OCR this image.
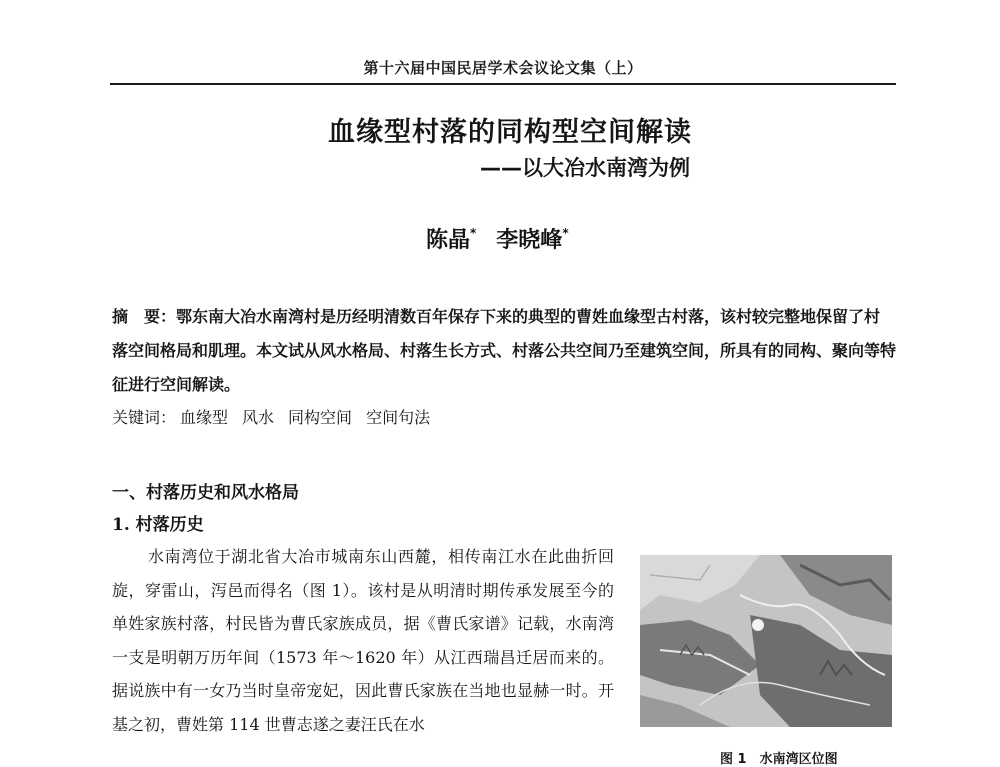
第十六届中国民居学术会议论文集（上）
血缘型村落的同构型空间解读
——以大冶水南湾为例
陈晶* 李晓峰*
摘　要：鄂东南大冶水南湾村是历经明清数百年保存下来的典型的曹姓血缘型古村落，该村较完整地保留了村落空间格局和肌理。本文试从风水格局、村落生长方式、村落公共空间乃至建筑空间，所具有的同构、聚向等特征进行空间解读。
关键词： 血缘型 风水 同构空间 空间句法
一、村落历史和风水格局
1. 村落历史
水南湾位于湖北省大冶市城南东山西麓，相传南江水在此曲折回旋，穿雷山，泻邑而得名（图 1）。该村是从明清时期传承发展至今的单姓家族村落，村民皆为曹氏家族成员，据《曹氏家谱》记载，水南湾一支是明朝万历年间（1573 年～1620 年）从江西瑞昌迁居而来的。据说族中有一女乃当时皇帝宠妃，因此曹氏家族在当地也显赫一时。开基之初，曹姓第 114 世曹志遂之妻汪氏在水
图 1　水南湾区位图
